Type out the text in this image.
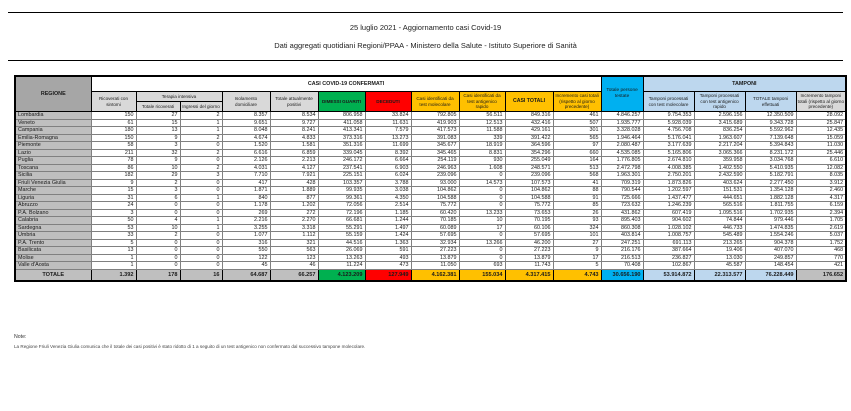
25 luglio 2021 - Aggiornamento casi Covid-19
Dati aggregati quotidiani Regioni/PPAA - Ministero della Salute - Istituto Superiore di Sanità
REGIONE	CASI COVID-19 CONFERMATI											Totale persone testate	TAMPONI			
	Ricoverati con sintomi	Terapia intensiva		Isolamento domiciliare	Totale attualmente positivi	DIMESSI GUARITI	DECEDUTI	Casi identificati da test molecolare	Casi identificati da test antigenico rapido	CASI TOTALI	Incremento casi totali (rispetto al giorno precedente)		Tamponi processati con test molecolare	Tamponi processati con test antigenico rapido	TOTALE tamponi effettuati	Incremento tamponi totali (rispetto al giorno precedente)
		Totale ricoverati	Ingressi del giorno													
Lombardia	150	27	2	8.357	8.534	806.958	33.824	792.805	56.511	849.316	461	4.846.257	9.754.353	2.596.156	12.350.509	28.092
Veneto	61	15	1	9.651	9.727	411.058	11.631	419.903	12.513	432.416	507	1.935.777	5.928.039	3.415.689	9.343.728	25.847
Campania	180	13	1	8.048	8.241	413.341	7.579	417.573	11.588	429.161	301	3.328.028	4.756.708	836.254	5.592.962	12.435
Emilia-Romagna	150	9	2	4.674	4.833	373.316	13.273	391.083	339	391.422	565	1.946.464	5.176.041	1.963.607	7.139.648	15.059
Piemonte	58	3	0	1.520	1.581	351.316	11.699	345.677	18.919	364.596	97	2.080.487	3.177.639	2.217.204	5.394.843	11.030
Lazio	211	32	2	6.616	6.859	339.045	8.392	345.465	8.831	354.296	660	4.535.085	5.165.806	3.065.366	8.231.172	25.446
Puglia	78	9	0	2.126	2.213	246.172	6.664	254.119	930	255.049	164	1.776.805	2.674.810	359.958	3.034.768	6.610
Toscana	86	10	2	4.031	4.127	237.541	6.903	246.963	1.608	248.571	513	2.472.798	4.008.385	1.402.550	5.410.935	12.082
Sicilia	182	29	3	7.710	7.921	225.151	6.024	239.096	0	239.096	568	1.963.301	2.750.201	2.432.590	5.182.791	8.035
Friuli Venezia Giulia	9	2	0	417	428	103.357	3.788	93.000	14.573	107.573	41	709.319	1.873.826	403.624	2.277.450	3.912
Marche	15	3	0	1.871	1.889	99.935	3.038	104.862	0	104.862	88	790.544	1.202.597	151.531	1.354.128	2.460
Liguria	31	6	1	840	877	99.361	4.350	104.588	0	104.588	91	725.666	1.437.477	444.651	1.882.128	4.317
Abruzzo	24	0	0	1.178	1.202	72.056	2.514	75.772	0	75.772	85	723.632	1.246.239	565.516	1.811.755	6.159
P.A. Bolzano	3	0	0	269	272	72.196	1.185	60.420	13.233	73.653	26	431.862	607.419	1.095.516	1.702.935	2.394
Calabria	50	4	1	2.216	2.270	66.681	1.244	70.185	10	70.195	93	895.403	904.602	74.844	979.446	1.705
Sardegna	53	10	1	3.255	3.318	55.291	1.497	60.089	17	60.106	324	860.308	1.028.102	446.733	1.474.835	2.619
Umbria	33	2	0	1.077	1.112	55.159	1.424	57.695	0	57.695	101	403.814	1.008.757	545.489	1.554.246	5.037
P.A. Trento	5	0	0	316	321	44.516	1.363	32.934	13.266	46.200	27	247.251	691.113	213.265	904.378	1.752
Basilicata	13	0	0	550	563	26.069	591	27.223	0	27.223	9	216.176	387.664	19.406	407.070	468
Molise	1	0	0	122	123	13.263	493	13.879	0	13.879	17	216.513	236.827	13.030	249.857	770
Valle d'Aosta	1	0	0	45	46	11.224	473	11.050	693	11.743	5	70.408	102.867	45.587	148.454	421
TOTALE	1.392	178	16	64.687	66.257	4.123.209	127.949	4.162.381	155.034	4.317.415	4.743	30.656.190	53.914.872	22.313.577	76.228.449	176.652
Note:
La Regione Friuli Venezia Giulia comunica che il totale dei casi positivi è stato ridotto di 1 a seguito di un test antigenico non confermato dal successivo tampone molecolare.
